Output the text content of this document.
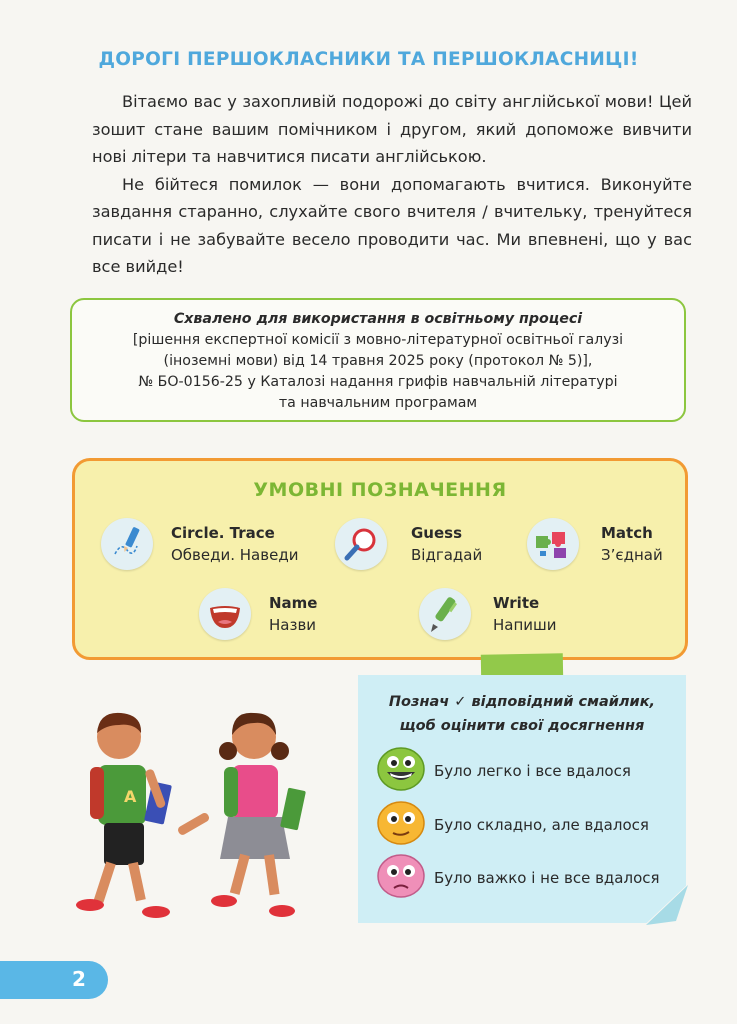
ДОРОГІ ПЕРШОКЛАСНИКИ ТА ПЕРШОКЛАСНИЦІ!

Вітаємо вас у захопливій подорожі до світу англійської мови! Цей зошит стане вашим помічником і другом, який допоможе вивчити нові літери та навчитися писати англійською.

Не бійтеся помилок — вони допомагають вчитися. Виконуйте завдання старанно, слухайте свого вчителя / вчительку, тренуйтеся писати і не забувайте весело проводити час. Ми впевнені, що у вас все вийде!

Схвалено для використання в освітньому процесі
[рішення експертної комісії з мовно-літературної освітньої галузі
(іноземні мови) від 14 травня 2025 року (протокол № 5)],
№ БО-0156-25 у Каталозі надання грифів навчальній літературі
та навчальним програмам
УМОВНІ ПОЗНАЧЕННЯ
Circle. Trace
Обведи. Наведи
Guess
Відгадай
Match
З’єднай
Name
Назви
Write
Напиши
A
Познач ✓ відповідний смайлик,
щоб оцінити свої досягнення
Було легко і все вдалося
Було складно, але вдалося
Було важко і не все вдалося
2
